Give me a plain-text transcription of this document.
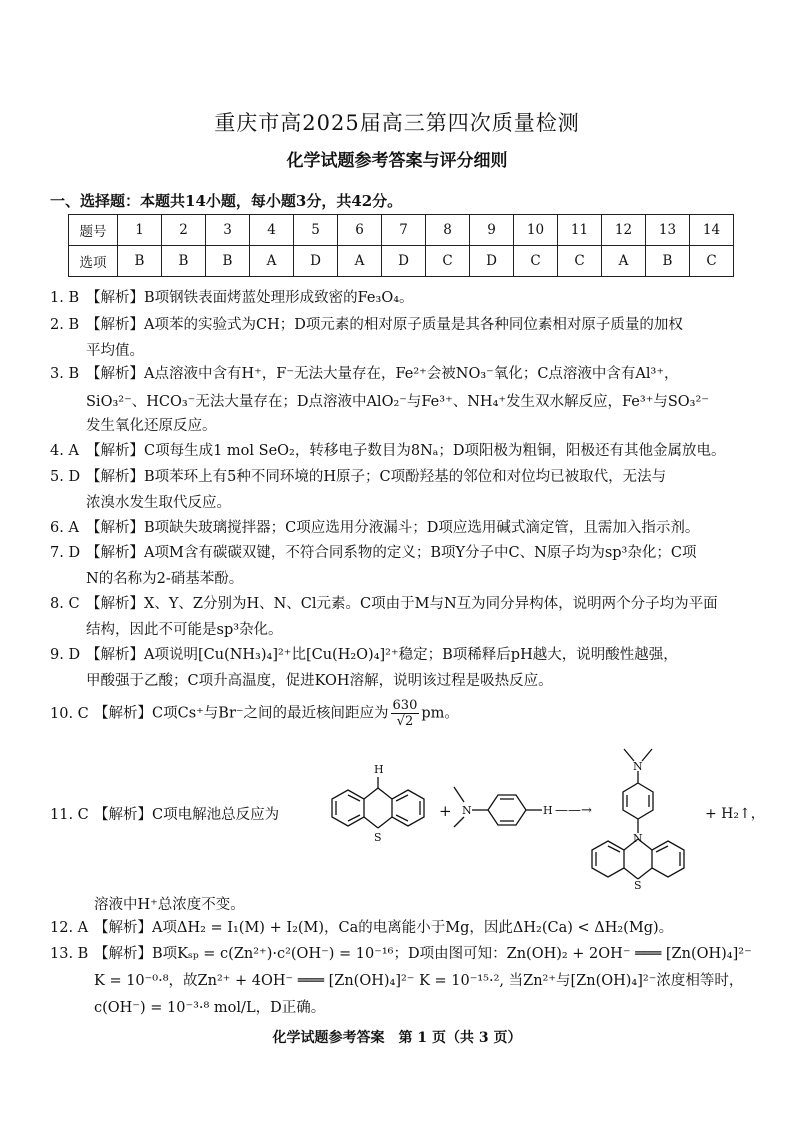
重庆市高2025届高三第四次质量检测
化学试题参考答案与评分细则
一、选择题：本题共14小题，每小题3分，共42分。
题号	1	2	3	4	5	6	7	8	9	10	11	12	13	14
选项	B	B	B	A	D	A	D	C	D	C	C	A	B	C
1. B 【解析】B项钢铁表面烤蓝处理形成致密的Fe₃O₄。
2. B 【解析】A项苯的实验式为CH；D项元素的相对原子质量是其各种同位素相对原子质量的加权
平均值。
3. B 【解析】A点溶液中含有H⁺，F⁻无法大量存在，Fe²⁺会被NO₃⁻氧化；C点溶液中含有Al³⁺，
SiO₃²⁻、HCO₃⁻无法大量存在；D点溶液中AlO₂⁻与Fe³⁺、NH₄⁺发生双水解反应，Fe³⁺与SO₃²⁻
发生氧化还原反应。
4. A 【解析】C项每生成1 mol SeO₂，转移电子数目为8Nₐ；D项阳极为粗铜，阳极还有其他金属放电。
5. D 【解析】B项苯环上有5种不同环境的H原子；C项酚羟基的邻位和对位均已被取代，无法与
浓溴水发生取代反应。
6. A 【解析】B项缺失玻璃搅拌器；C项应选用分液漏斗；D项应选用碱式滴定管，且需加入指示剂。
7. D 【解析】A项M含有碳碳双键，不符合同系物的定义；B项Y分子中C、N原子均为sp³杂化；C项
N的名称为2-硝基苯酚。
8. C 【解析】X、Y、Z分别为H、N、Cl元素。C项由于M与N互为同分异构体，说明两个分子均为平面
结构，因此不可能是sp³杂化。
9. D 【解析】A项说明[Cu(NH₃)₄]²⁺比[Cu(H₂O)₄]²⁺稳定；B项稀释后pH越大，说明酸性越强，
甲酸强于乙酸；C项升高温度，促进KOH溶解，说明该过程是吸热反应。
10. C 【解析】C项Cs⁺与Br⁻之间的最近核间距应为 $\frac{630}{√2}$ pm。
11. C 【解析】C项电解池总反应为
H
S
+ N	H ——→
N
N
S
+ H₂↑，
溶液中H⁺总浓度不变。
12. A 【解析】A项ΔH₂ = I₁(M) + I₂(M)，Ca的电离能小于Mg，因此ΔH₂(Ca) < ΔH₂(Mg)。
13. B 【解析】B项Kₛₚ = c(Zn²⁺)·c²(OH⁻) = 10⁻¹⁶；D项由图可知：Zn(OH)₂ + 2OH⁻ ═══ [Zn(OH)₄]²⁻
K = 10⁻⁰·⁸，故Zn²⁺ + 4OH⁻ ═══ [Zn(OH)₄]²⁻ K = 10⁻¹⁵·², 当Zn²⁺与[Zn(OH)₄]²⁻浓度相等时，
c(OH⁻) = 10⁻³·⁸ mol/L，D正确。
化学试题参考答案　第 1 页（共 3 页）
